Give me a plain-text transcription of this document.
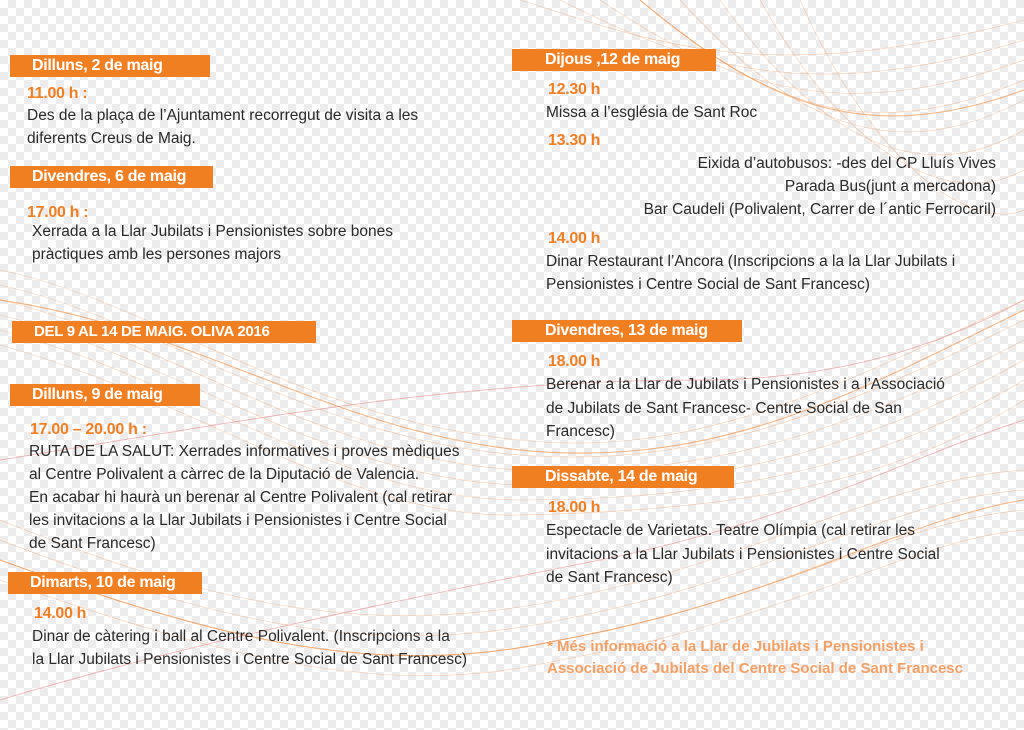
Dilluns, 2 de maig
11.00 h :
Des de la plaça de l’Ajuntament recorregut de visita a les
diferents Creus de Maig.
Divendres, 6 de maig
17.00 h :
Xerrada a la Llar Jubilats i Pensionistes sobre bones
pràctiques amb les persones majors
DEL 9 AL 14 DE MAIG. OLIVA 2016
Dilluns, 9 de maig
17.00 – 20.00 h :
RUTA DE LA SALUT: Xerrades informatives i proves mèdiques
al Centre Polivalent a càrrec de la Diputació de Valencia.
En acabar hi haurà un berenar al Centre Polivalent (cal retirar
les invitacions a la Llar Jubilats i Pensionistes i Centre Social
de Sant Francesc)
Dimarts, 10 de maig
14.00 h
Dinar de càtering i ball al Centre Polivalent. (Inscripcions a la
la Llar Jubilats i Pensionistes i Centre Social de Sant Francesc)
Dijous ,12 de maig
12.30 h
Missa a l’església de Sant Roc
13.30 h
Eixida d’autobusos: -des del CP Lluís Vives
Parada Bus(junt a mercadona)
Bar Caudeli (Polivalent, Carrer de l´antic Ferrocaril)
14.00 h
Dinar Restaurant l’Ancora (Inscripcions a la la Llar Jubilats i
Pensionistes i Centre Social de Sant Francesc)
Divendres, 13 de maig
18.00 h
Berenar a la Llar de Jubilats i Pensionistes i a l’Associació
de Jubilats de Sant Francesc- Centre Social de San
Francesc)
Dissabte, 14 de maig
18.00 h
Espectacle de Varietats. Teatre Olímpia (cal retirar les
invitacions a la Llar Jubilats i Pensionistes i Centre Social
de Sant Francesc)
* Més informació a la Llar de Jubilats i Pensionistes i
Associació de Jubilats del Centre Social de Sant Francesc
